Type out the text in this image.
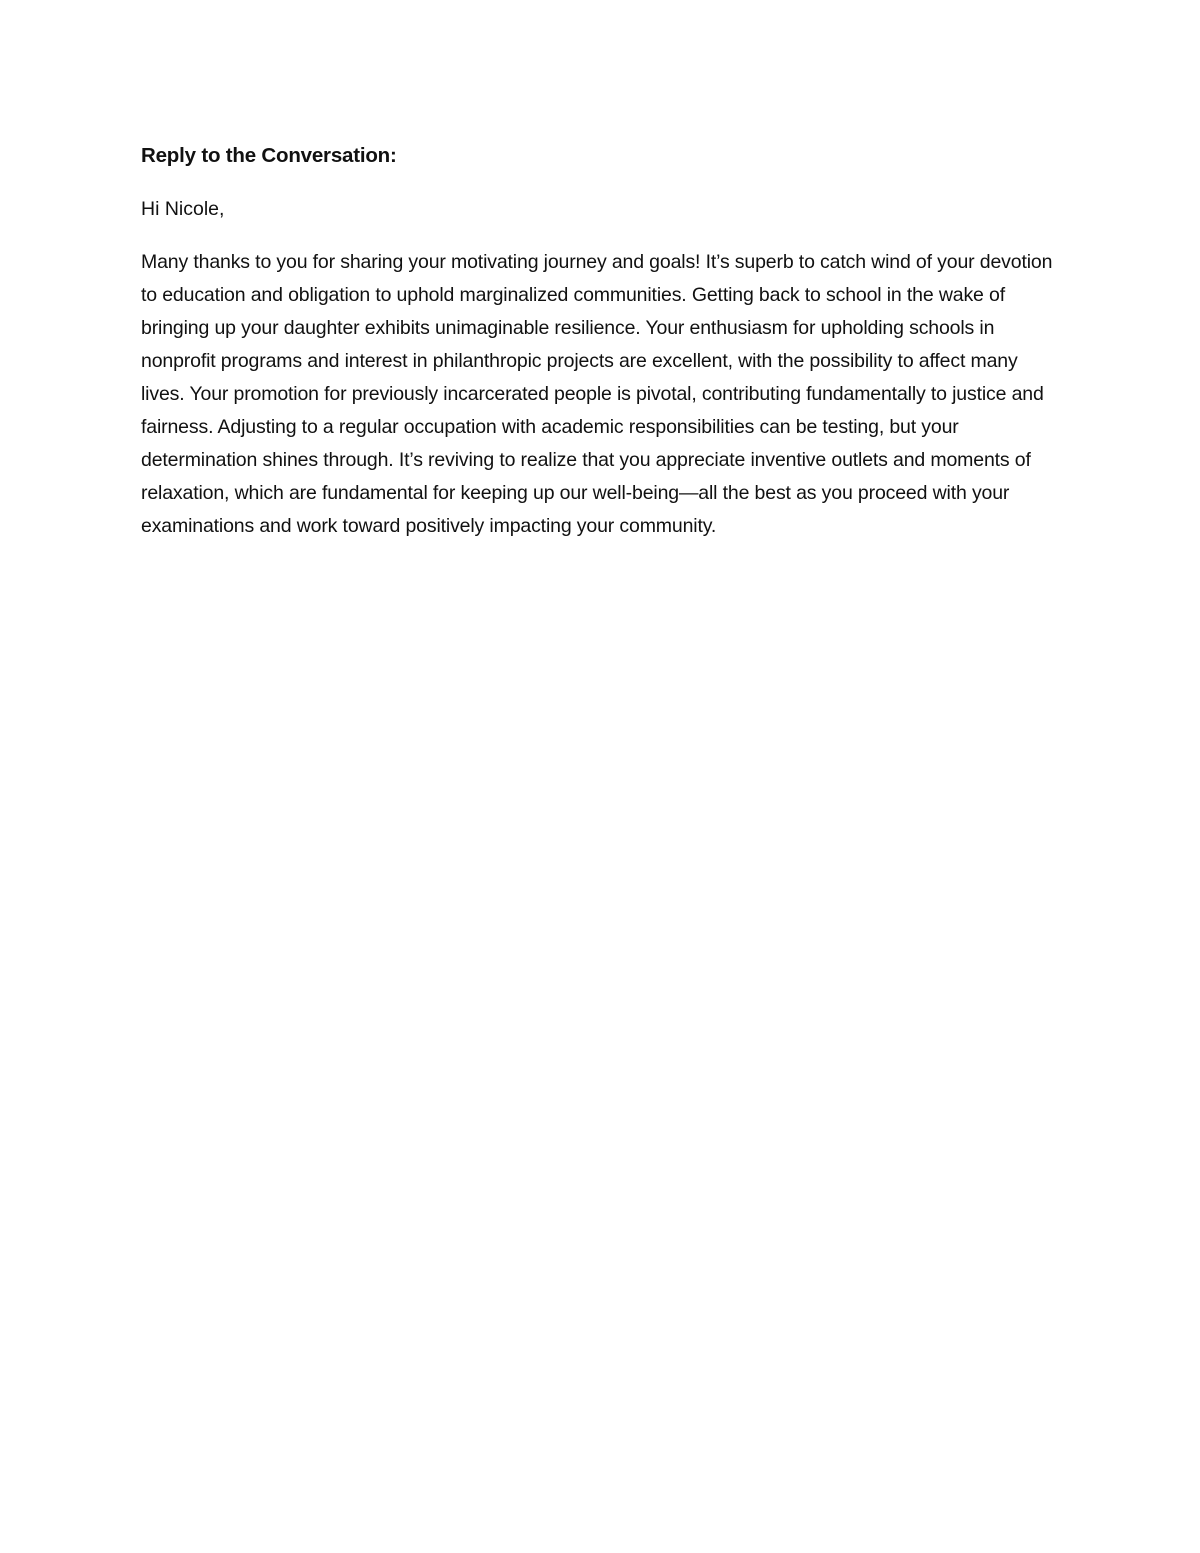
Reply to the Conversation:

Hi Nicole,

Many thanks to you for sharing your motivating journey and goals! It’s superb to catch wind of your devotion to education and obligation to uphold marginalized communities. Getting back to school in the wake of bringing up your daughter exhibits unimaginable resilience. Your enthusiasm for upholding schools in nonprofit programs and interest in philanthropic projects are excellent, with the possibility to affect many lives. Your promotion for previously incarcerated people is pivotal, contributing fundamentally to justice and fairness. Adjusting to a regular occupation with academic responsibilities can be testing, but your determination shines through. It’s reviving to realize that you appreciate inventive outlets and moments of relaxation, which are fundamental for keeping up our well-being—all the best as you proceed with your examinations and work toward positively impacting your community.
